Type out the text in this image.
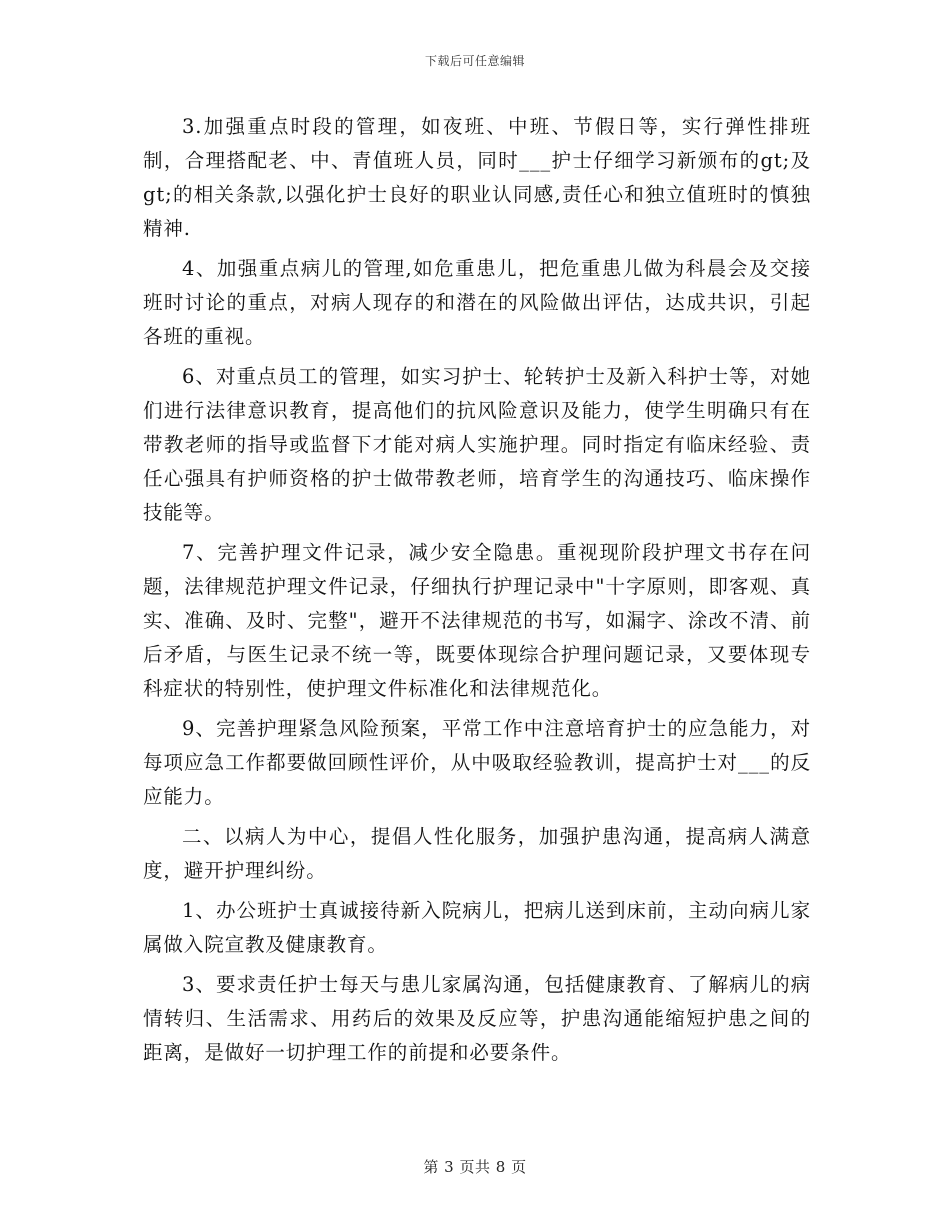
下载后可任意编辑

3.加强重点时段的管理，如夜班、中班、节假日等，实行弹性排班制，合理搭配老、中、青值班人员，同时___护士仔细学习新颁布的gt;及gt;的相关条款,以强化护士良好的职业认同感,责任心和独立值班时的慎独精神.

4、加强重点病儿的管理,如危重患儿，把危重患儿做为科晨会及交接班时讨论的重点，对病人现存的和潜在的风险做出评估，达成共识，引起各班的重视。

6、对重点员工的管理，如实习护士、轮转护士及新入科护士等，对她们进行法律意识教育，提高他们的抗风险意识及能力，使学生明确只有在带教老师的指导或监督下才能对病人实施护理。同时指定有临床经验、责任心强具有护师资格的护士做带教老师，培育学生的沟通技巧、临床操作技能等。

7、完善护理文件记录，减少安全隐患。重视现阶段护理文书存在问题，法律规范护理文件记录，仔细执行护理记录中"十字原则，即客观、真实、准确、及时、完整"，避开不法律规范的书写，如漏字、涂改不清、前后矛盾，与医生记录不统一等，既要体现综合护理问题记录，又要体现专科症状的特别性，使护理文件标准化和法律规范化。

9、完善护理紧急风险预案，平常工作中注意培育护士的应急能力，对每项应急工作都要做回顾性评价，从中吸取经验教训，提高护士对___的反应能力。

二、以病人为中心，提倡人性化服务，加强护患沟通，提高病人满意度，避开护理纠纷。

1、办公班护士真诚接待新入院病儿，把病儿送到床前，主动向病儿家属做入院宣教及健康教育。

3、要求责任护士每天与患儿家属沟通，包括健康教育、了解病儿的病情转归、生活需求、用药后的效果及反应等，护患沟通能缩短护患之间的距离，是做好一切护理工作的前提和必要条件。

第 3 页共 8 页
